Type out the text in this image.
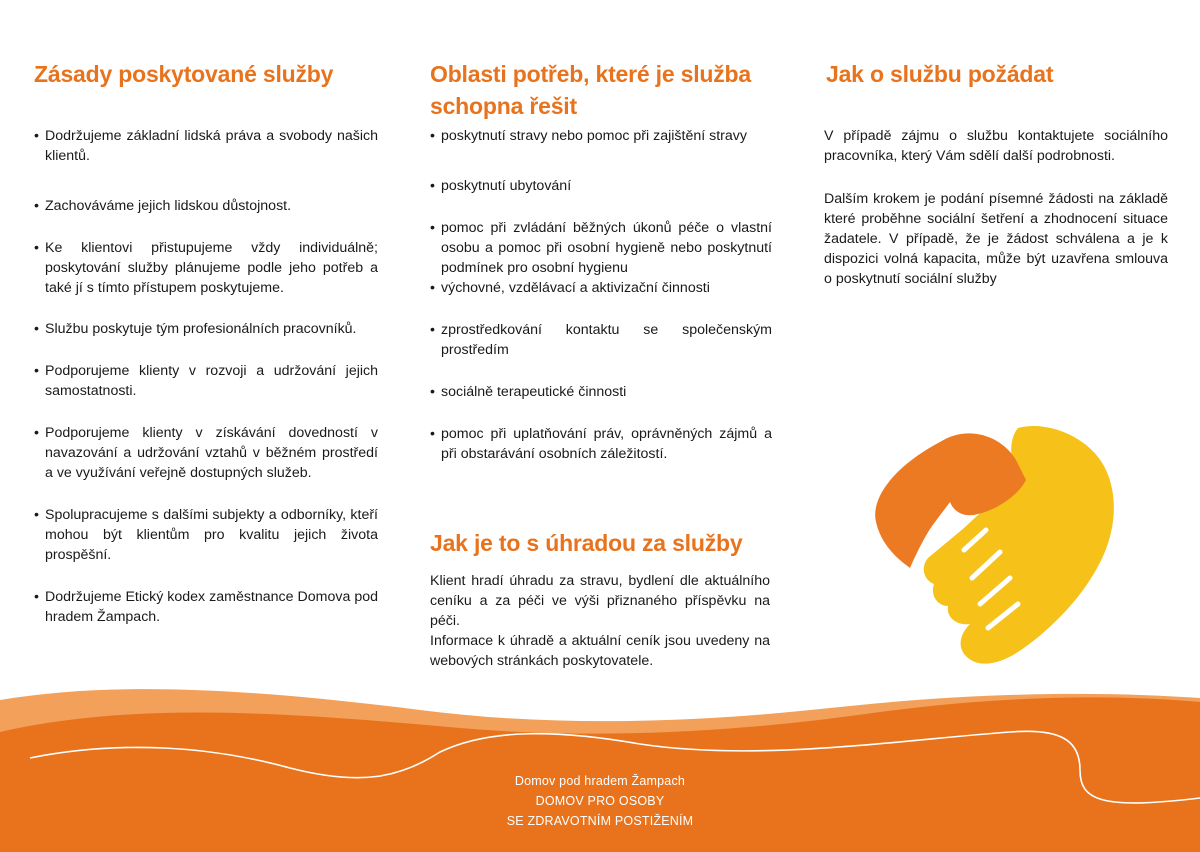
Zásady poskytované služby
• Dodržujeme základní lidská práva a svobody našich klientů.
• Zachováváme jejich lidskou důstojnost.
• Ke klientovi přistupujeme vždy individuálně; poskytování služby plánujeme podle jeho potřeb a také jí s tímto přístupem poskytujeme.
• Službu poskytuje tým profesionálních pracovníků.
• Podporujeme klienty v rozvoji a udržování jejich samostatnosti.
• Podporujeme klienty v získávání dovedností v navazování a udržování vztahů v běžném prostředí a ve využívání veřejně dostupných služeb.
• Spolupracujeme s dalšími subjekty a odborníky, kteří mohou být klientům pro kvalitu jejich života prospěšní.
• Dodržujeme Etický kodex zaměstnance Domova pod hradem Žampach.
Oblasti potřeb, které je služba
schopna řešit
• poskytnutí stravy nebo pomoc při zajištění stravy
• poskytnutí ubytování
• pomoc při zvládání běžných úkonů péče o vlastní osobu a pomoc při osobní hygieně nebo poskytnutí podmínek pro osobní hygienu
• výchovné, vzdělávací a aktivizační činnosti
• zprostředkování kontaktu se společenským prostředím
• sociálně terapeutické činnosti
• pomoc při uplatňování práv, oprávněných zájmů a při obstarávání osobních záležitostí.
Jak je to s úhradou za služby

Klient hradí úhradu za stravu, bydlení dle aktuálního ceníku a za péči ve výši přiznaného příspěvku na péči.

Informace k úhradě a aktuální ceník jsou uvedeny na webových stránkách poskytovatele.

Jak o službu požádat

V případě zájmu o službu kontaktujete sociálního pracovníka, který Vám sdělí další podrobnosti.

Dalším krokem je podání písemné žádosti na základě které proběhne sociální šetření a zhodnocení situace žadatele. V případě, že je žádost schválena a je k dispozici volná kapacita, může být uzavřena smlouva o poskytnutí sociální služby

Domov pod hradem Žampach
DOMOV PRO OSOBY
SE ZDRAVOTNÍM POSTIŽENÍM
